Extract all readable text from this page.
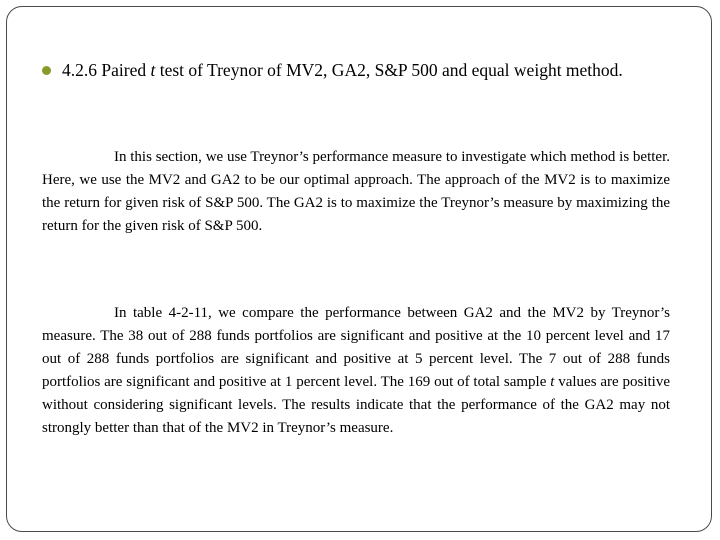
4.2.6 Paired t test of Treynor of MV2, GA2, S&P 500 and equal weight method.
In this section, we use Treynor’s performance measure to investigate which method is better. Here, we use the MV2 and GA2 to be our optimal approach. The approach of the MV2 is to maximize the return for given risk of S&P 500. The GA2 is to maximize the Treynor’s measure by maximizing the return for the given risk of S&P 500.
In table 4-2-11, we compare the performance between GA2 and the MV2 by Treynor’s measure. The 38 out of 288 funds portfolios are significant and positive at the 10 percent level and 17 out of 288 funds portfolios are significant and positive at 5 percent level. The 7 out of 288 funds portfolios are significant and positive at 1 percent level. The 169 out of total sample t values are positive without considering significant levels. The results indicate that the performance of the GA2 may not strongly better than that of the MV2 in Treynor’s measure.
